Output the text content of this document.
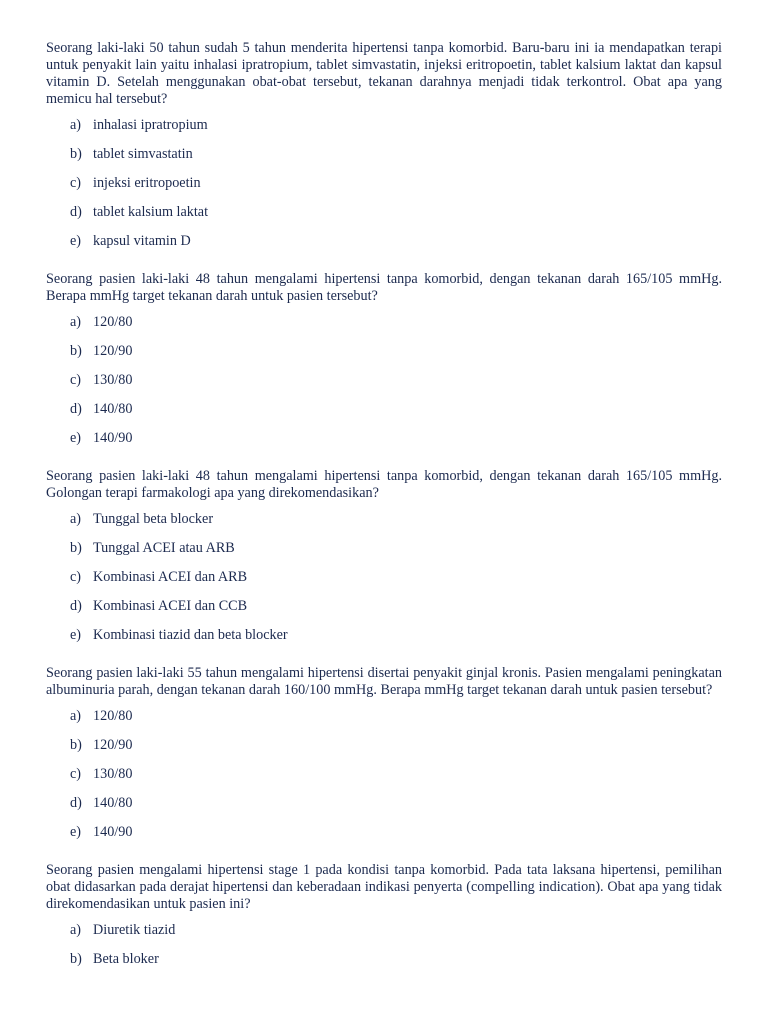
Seorang laki-laki 50 tahun sudah 5 tahun menderita hipertensi tanpa komorbid. Baru-baru ini ia mendapatkan terapi untuk penyakit lain yaitu inhalasi ipratropium, tablet simvastatin, injeksi eritropoetin, tablet kalsium laktat dan kapsul vitamin D. Setelah menggunakan obat-obat tersebut, tekanan darahnya menjadi tidak terkontrol. Obat apa yang memicu hal tersebut?

a) inhalasi ipratropium
b) tablet simvastatin
c) injeksi eritropoetin
d) tablet kalsium laktat
e) kapsul vitamin D

Seorang pasien laki-laki 48 tahun mengalami hipertensi tanpa komorbid, dengan tekanan darah 165/105 mmHg. Berapa mmHg target tekanan darah untuk pasien tersebut?

a) 120/80
b) 120/90
c) 130/80
d) 140/80
e) 140/90

Seorang pasien laki-laki 48 tahun mengalami hipertensi tanpa komorbid, dengan tekanan darah 165/105 mmHg. Golongan terapi farmakologi apa yang direkomendasikan?

a) Tunggal beta blocker
b) Tunggal ACEI atau ARB
c) Kombinasi ACEI dan ARB
d) Kombinasi ACEI dan CCB
e) Kombinasi tiazid dan beta blocker

Seorang pasien laki-laki 55 tahun mengalami hipertensi disertai penyakit ginjal kronis. Pasien mengalami peningkatan albuminuria parah, dengan tekanan darah 160/100 mmHg. Berapa mmHg target tekanan darah untuk pasien tersebut?

a) 120/80
b) 120/90
c) 130/80
d) 140/80
e) 140/90

Seorang pasien mengalami hipertensi stage 1 pada kondisi tanpa komorbid. Pada tata laksana hipertensi, pemilihan obat didasarkan pada derajat hipertensi dan keberadaan indikasi penyerta (compelling indication). Obat apa yang tidak direkomendasikan untuk pasien ini?

a) Diuretik tiazid
b) Beta bloker
